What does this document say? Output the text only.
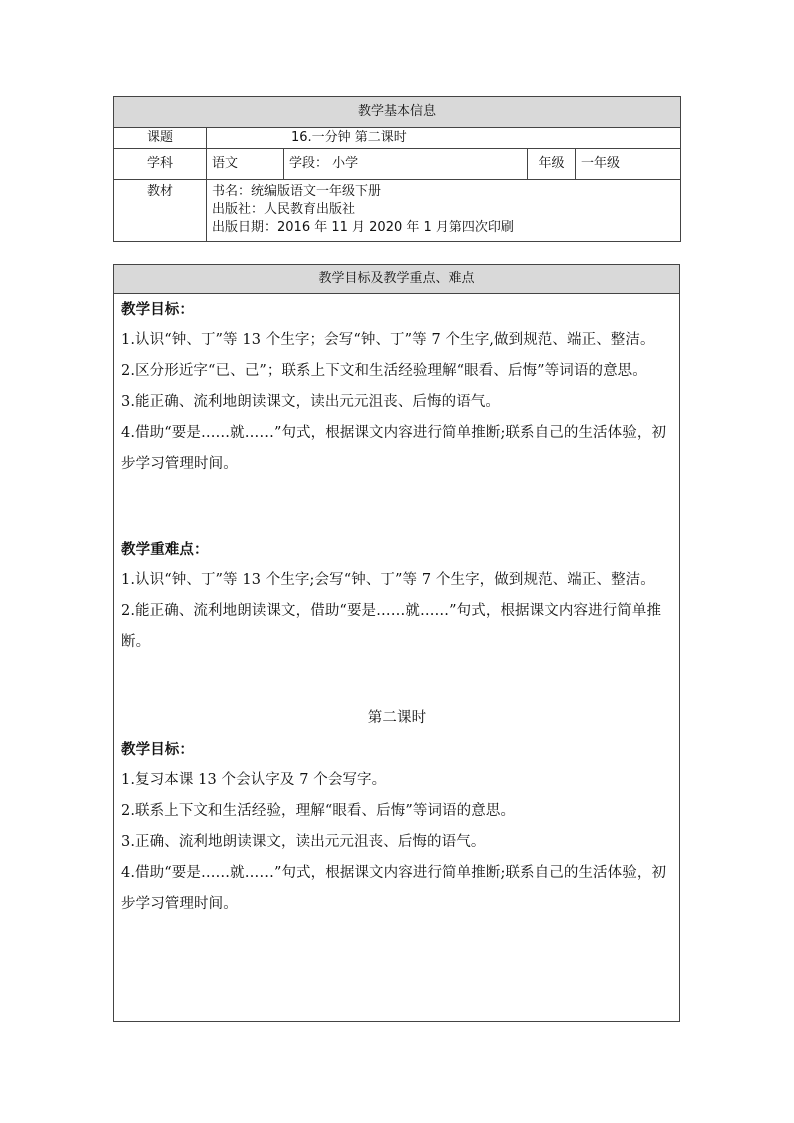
教学基本信息				
课题	16.一分钟 第二课时			
学科	语文	学段： 小学	年级	一年级
教材	书名：统编版语文一年级下册
出版社：人民教育出版社
出版日期：2016 年 11 月 2020 年 1 月第四次印刷			
教学目标及教学重点、难点

教学目标：
1.认识“钟、丁”等 13 个生字；会写“钟、丁”等 7 个生字,做到规范、端正、整洁。
2.区分形近字“已、己”；联系上下文和生活经验理解“眼看、后悔”等词语的意思。
3.能正确、流利地朗读课文，读出元元沮丧、后悔的语气。
4.借助“要是……就……”句式，根据课文内容进行简单推断;联系自己的生活体验，初步学习管理时间。
教学重难点：
1.认识“钟、丁”等 13 个生字;会写“钟、丁”等 7 个生字，做到规范、端正、整洁。
2.能正确、流利地朗读课文，借助“要是……就……”句式，根据课文内容进行简单推断。
第二课时
教学目标：
1.复习本课 13 个会认字及 7 个会写字。
2.联系上下文和生活经验，理解“眼看、后悔”等词语的意思。
3.正确、流利地朗读课文，读出元元沮丧、后悔的语气。
4.借助“要是……就……”句式，根据课文内容进行简单推断;联系自己的生活体验，初步学习管理时间。
